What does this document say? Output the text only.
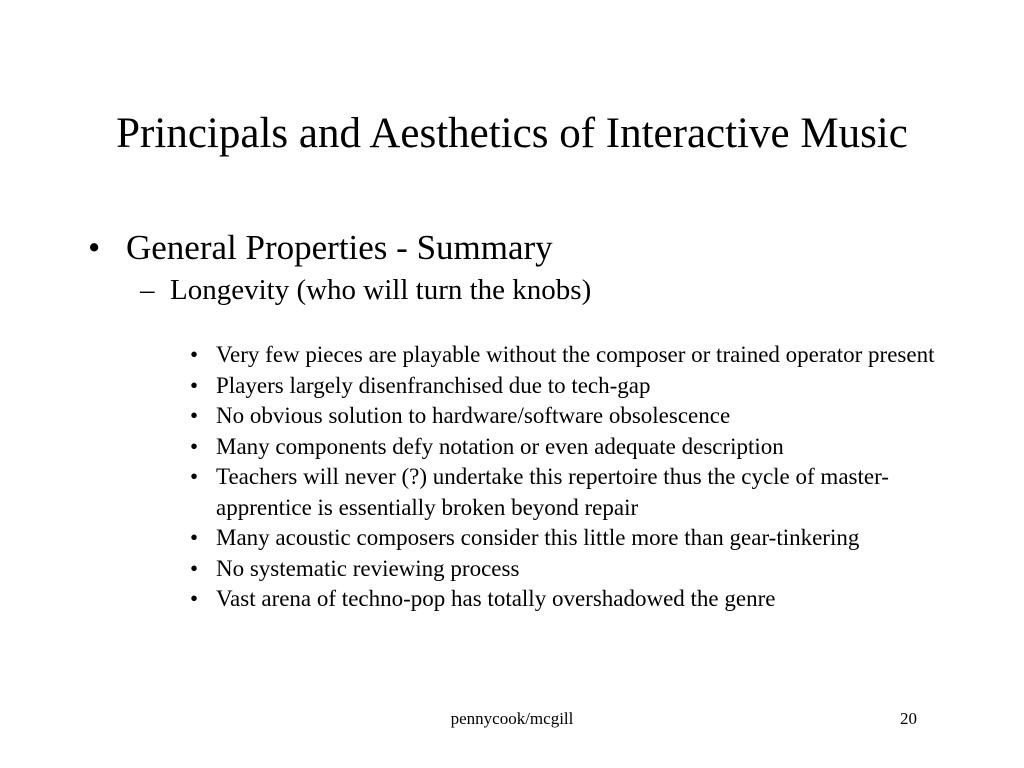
Principals and Aesthetics of Interactive Music
• General Properties - Summary
– Longevity (who will turn the knobs)
• Very few pieces are playable without the composer or trained operator present
• Players largely disenfranchised due to tech-gap
• No obvious solution to hardware/software obsolescence
• Many components defy notation or even adequate description
• Teachers will never (?) undertake this repertoire thus the cycle of master-apprentice is essentially broken beyond repair
• Many acoustic composers consider this little more than gear-tinkering
• No systematic reviewing process
• Vast arena of techno-pop has totally overshadowed the genre
pennycook/mcgill	20
